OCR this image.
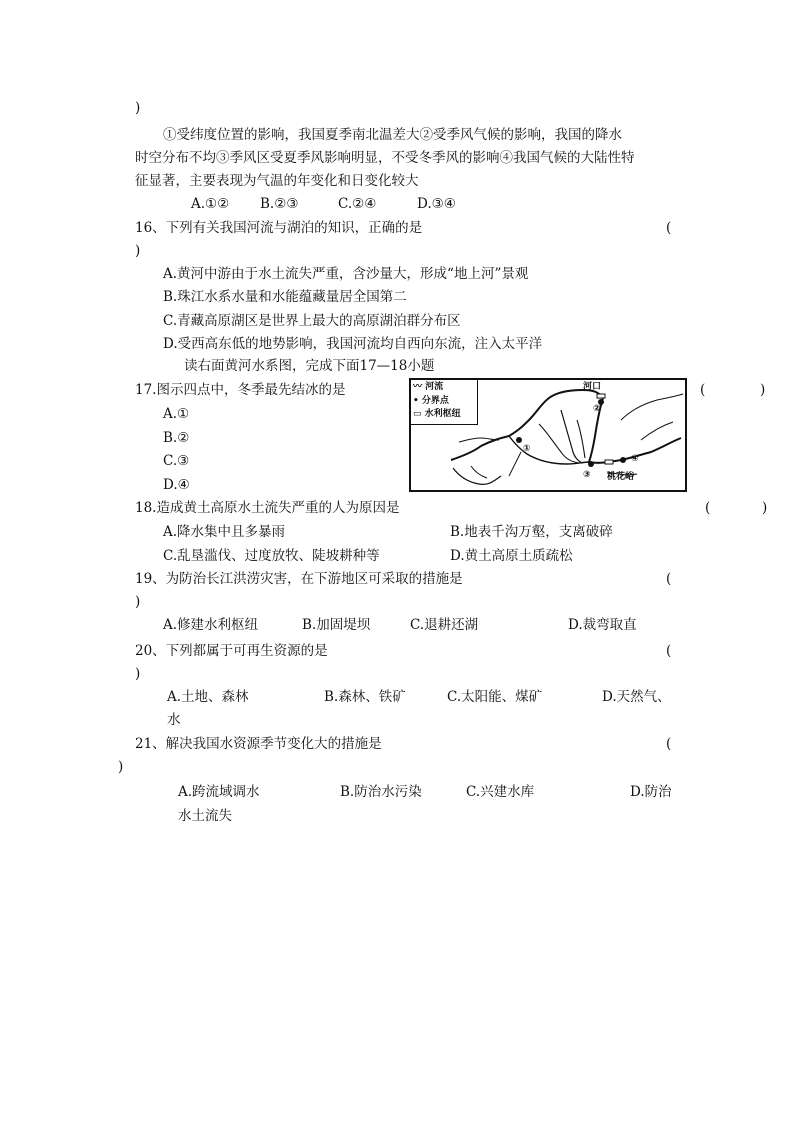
)
①受纬度位置的影响，我国夏季南北温差大②受季风气候的影响，我国的降水
时空分布不均③季风区受夏季风影响明显，不受冬季风的影响④我国气候的大陆性特
征显著，主要表现为气温的年变化和日变化较大
A.①② B.②③	C.②④	D.③④
16、下列有关我国河流与湖泊的知识，正确的是	(
)
A.黄河中游由于水土流失严重，含沙量大，形成“地上河”景观
B.珠江水系水量和水能蕴藏量居全国第二
C.青藏高原湖区是世界上最大的高原湖泊群分布区
D.受西高东低的地势影响，我国河流均自西向东流，注入太平洋
读右面黄河水系图，完成下面17—18小题
17.图示四点中，冬季最先结冰的是	(	)
A.①
B.②
C.③
D.④
〰 河流
• 分界点
▭ 水利枢纽
河口
桃花峪
①
②
③
④
18.造成黄土高原水土流失严重的人为原因是	(	)
A.降水集中且多暴雨	B.地表千沟万壑，支离破碎
C.乱垦滥伐、过度放牧、陡坡耕种等	D.黄土高原土质疏松
19、为防治长江洪涝灾害，在下游地区可采取的措施是	(
)
A.修建水利枢纽	B.加固堤坝	C.退耕还湖	D.裁弯取直
20、下列都属于可再生资源的是	(
)
A.土地、森林	B.森林、铁矿	C.太阳能、煤矿	D.天然气、
水
21、解决我国水资源季节变化大的措施是	(
)
A.跨流域调水	B.防治水污染	C.兴建水库	D.防治
水土流失
